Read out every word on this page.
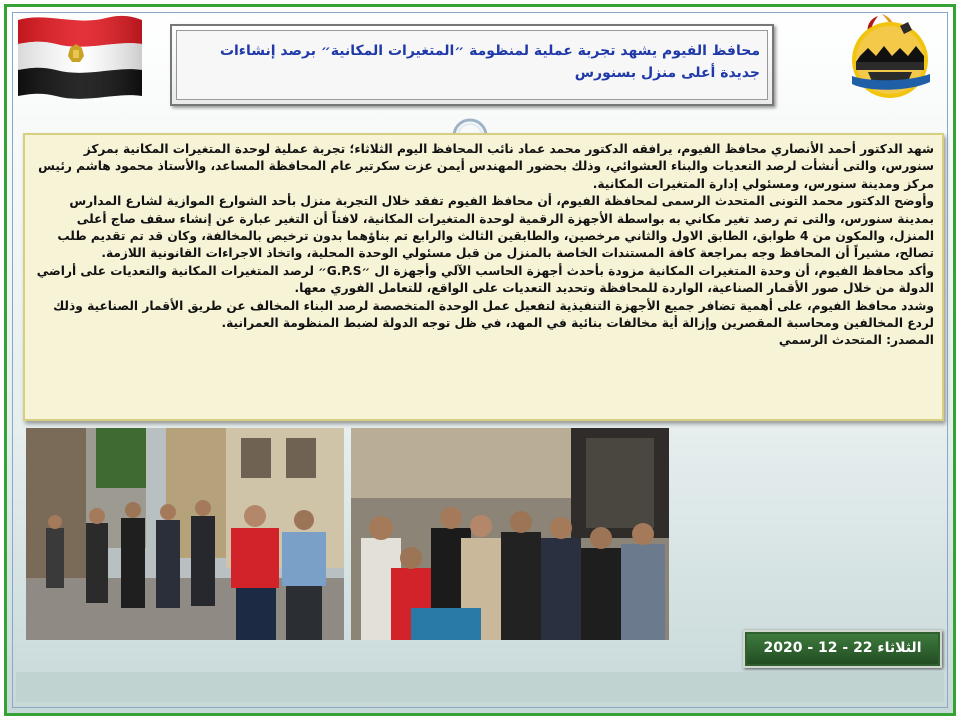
محافظ الفيوم يشهد تجربة عملية لمنظومة ״المتغيرات المكانية״ برصد إنشاءات جديدة أعلى منزل بسنورس

شهد الدكتور أحمد الأنصاري محافظ الفيوم، يرافقه الدكتور محمد عماد نائب المحافظ اليوم الثلاثاء؛ تجربة عملية لوحدة المتغيرات المكانية بمركز سنورس، والتى أنشأت لرصد التعديات والبناء العشوائي، وذلك بحضور المهندس أيمن عزت سكرتير عام المحافظة المساعد، والأستاذ محمود هاشم رئيس مركز ومدينة سنورس، ومسئولي إدارة المتغيرات المكانية.

وأوضح الدكتور محمد التونى المتحدث الرسمى لمحافظة الفيوم، أن محافظ الفيوم تفقد خلال التجربة منزل بأحد الشوارع الموازية لشارع المدارس بمدينة سنورس، والتى تم رصد تغير مكاني به بواسطة الأجهزة الرقمية لوحدة المتغيرات المكانية، لافتاً أن التغير عبارة عن إنشاء سقف صاج أعلى المنزل، والمكون من 4 طوابق، الطابق الاول والثاني مرخصين، والطابقين الثالث والرابع تم بناؤهما بدون ترخيص بالمخالفة، وكان قد تم تقديم طلب تصالح، مشيراً أن المحافظ وجه بمراجعة كافة المستندات الخاصة بالمنزل من قبل مسئولي الوحدة المحلية، واتخاذ الاجراءات القانونية اللازمة.

وأكد محافظ الفيوم، أن وحدة المتغيرات المكانية مزودة بأحدث أجهزة الحاسب الآلي وأجهزة ال ״G.P.S״ لرصد المتغيرات المكانية والتعديات على أراضي الدولة من خلال صور الأقمار الصناعية، الواردة للمحافظة وتحديد التعديات على الواقع، للتعامل الفوري معها.

وشدد محافظ الفيوم، على أهمية تضافر جميع الأجهزة التنفيذية لتفعيل عمل الوحدة المتخصصة لرصد البناء المخالف عن طريق الأقمار الصناعية وذلك لردع المخالفين ومحاسبة المقصرين وإزالة أية مخالفات بنائية في المهد، في ظل توجه الدولة لضبط المنظومة العمرانية.

المصدر: المتحدث الرسمي

الثلاثاء 22 - 12 - 2020
